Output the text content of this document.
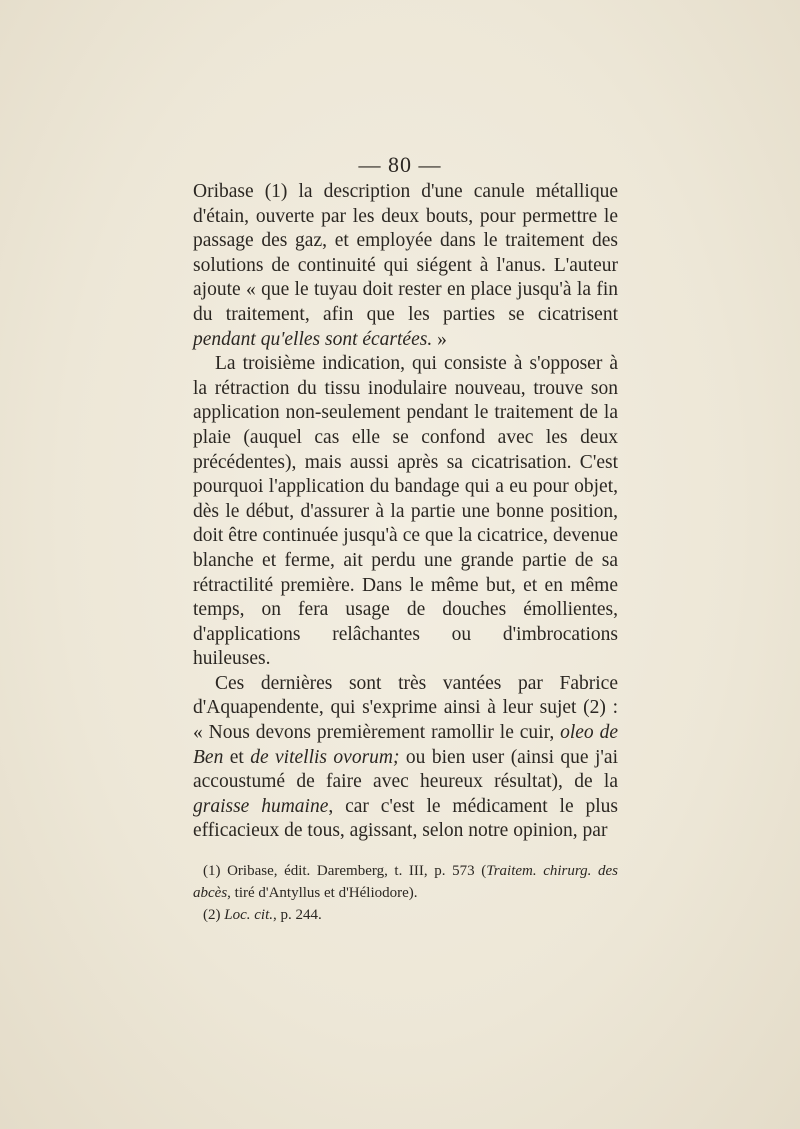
— 80 —

Oribase (1) la description d'une canule métallique d'étain, ouverte par les deux bouts, pour permettre le passage des gaz, et employée dans le traitement des solutions de continuité qui siégent à l'anus. L'auteur ajoute « que le tuyau doit rester en place jusqu'à la fin du traitement, afin que les parties se cicatrisent pendant qu'elles sont écartées. »

La troisième indication, qui consiste à s'opposer à la rétraction du tissu inodulaire nouveau, trouve son application non-seulement pendant le traitement de la plaie (auquel cas elle se confond avec les deux précédentes), mais aussi après sa cicatrisation. C'est pourquoi l'application du bandage qui a eu pour objet, dès le début, d'assurer à la partie une bonne position, doit être continuée jusqu'à ce que la cicatrice, devenue blanche et ferme, ait perdu une grande partie de sa rétractilité première. Dans le même but, et en même temps, on fera usage de douches émollientes, d'applications relâchantes ou d'imbrocations huileuses.

Ces dernières sont très vantées par Fabrice d'Aquapendente, qui s'exprime ainsi à leur sujet (2) : « Nous devons premièrement ramollir le cuir, oleo de Ben et de vitellis ovorum; ou bien user (ainsi que j'ai accoustumé de faire avec heureux résultat), de la graisse humaine, car c'est le médicament le plus efficacieux de tous, agissant, selon notre opinion, par

(1) Oribase, édit. Daremberg, t. III, p. 573 (Traitem. chirurg. des abcès, tiré d'Antyllus et d'Héliodore).

(2) Loc. cit., p. 244.
